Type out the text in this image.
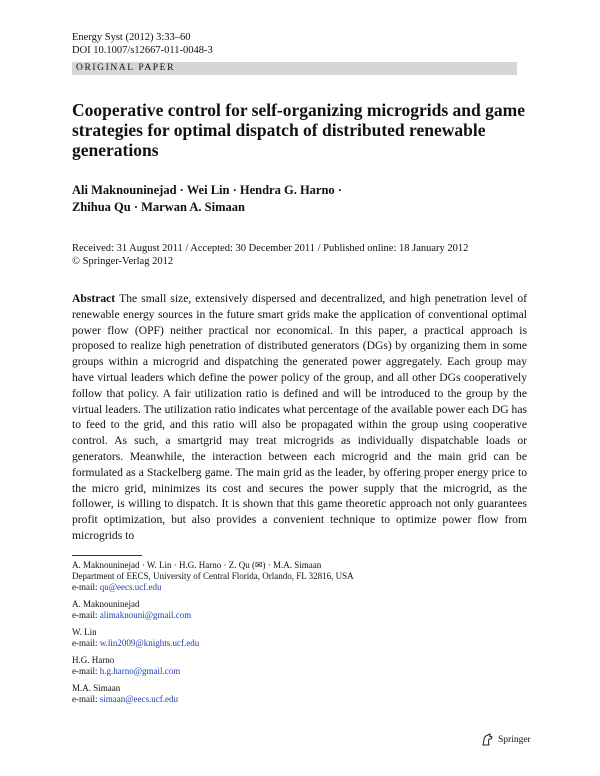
Energy Syst (2012) 3:33–60
DOI 10.1007/s12667-011-0048-3
ORIGINAL PAPER
Cooperative control for self-organizing microgrids and game strategies for optimal dispatch of distributed renewable generations
Ali Maknouninejad · Wei Lin · Hendra G. Harno ·
Zhihua Qu · Marwan A. Simaan
Received: 31 August 2011 / Accepted: 30 December 2011 / Published online: 18 January 2012
© Springer-Verlag 2012
Abstract The small size, extensively dispersed and decentralized, and high penetration level of renewable energy sources in the future smart grids make the application of conventional optimal power flow (OPF) neither practical nor economical. In this paper, a practical approach is proposed to realize high penetration of distributed generators (DGs) by organizing them in some groups within a microgrid and dispatching the generated power aggregately. Each group may have virtual leaders which define the power policy of the group, and all other DGs cooperatively follow that policy. A fair utilization ratio is defined and will be introduced to the group by the virtual leaders. The utilization ratio indicates what percentage of the available power each DG has to feed to the grid, and this ratio will also be propagated within the group using cooperative control. As such, a smartgrid may treat microgrids as individually dispatchable loads or generators. Meanwhile, the interaction between each microgrid and the main grid can be formulated as a Stackelberg game. The main grid as the leader, by offering proper energy price to the micro grid, minimizes its cost and secures the power supply that the microgrid, as the follower, is willing to dispatch. It is shown that this game theoretic approach not only guarantees profit optimization, but also provides a convenient technique to optimize power flow from microgrids to
A. Maknouninejad · W. Lin · H.G. Harno · Z. Qu (✉) · M.A. Simaan
Department of EECS, University of Central Florida, Orlando, FL 32816, USA
e-mail: qu@eecs.ucf.edu
A. Maknouninejad
e-mail: alimaknouni@gmail.com
W. Lin
e-mail: w.lin2009@knights.ucf.edu
H.G. Harno
e-mail: h.g.harno@gmail.com
M.A. Simaan
e-mail: simaan@eecs.ucf.edu
Springer
